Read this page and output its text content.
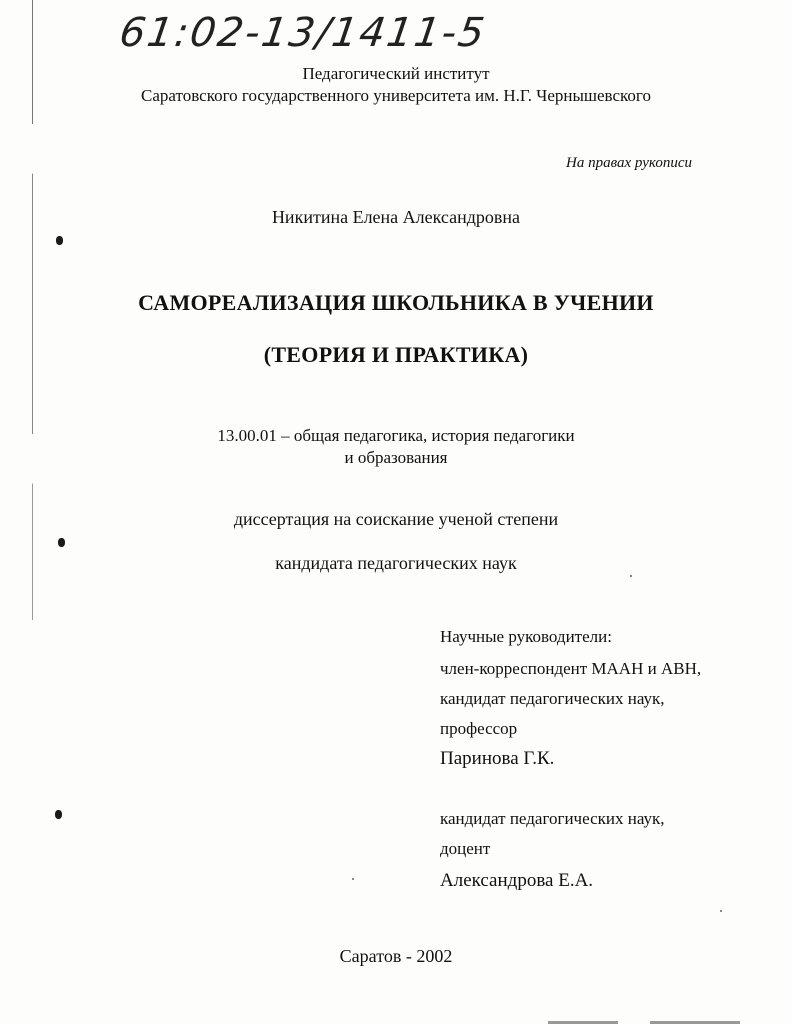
61:02-13/1411-5
Педагогический институт
Саратовского государственного университета им. Н.Г. Чернышевского
На правах рукописи
Никитина Елена Александровна
САМОРЕАЛИЗАЦИЯ ШКОЛЬНИКА В УЧЕНИИ
(ТЕОРИЯ И ПРАКТИКА)
13.00.01 – общая педагогика, история педагогики
и образования
диссертация на соискание ученой степени
кандидата педагогических наук
Научные руководители:
член-корреспондент МААН и АВН,
кандидат педагогических наук,
профессор
Паринова Г.К.
кандидат педагогических наук,
доцент
Александрова Е.А.
Саратов - 2002
